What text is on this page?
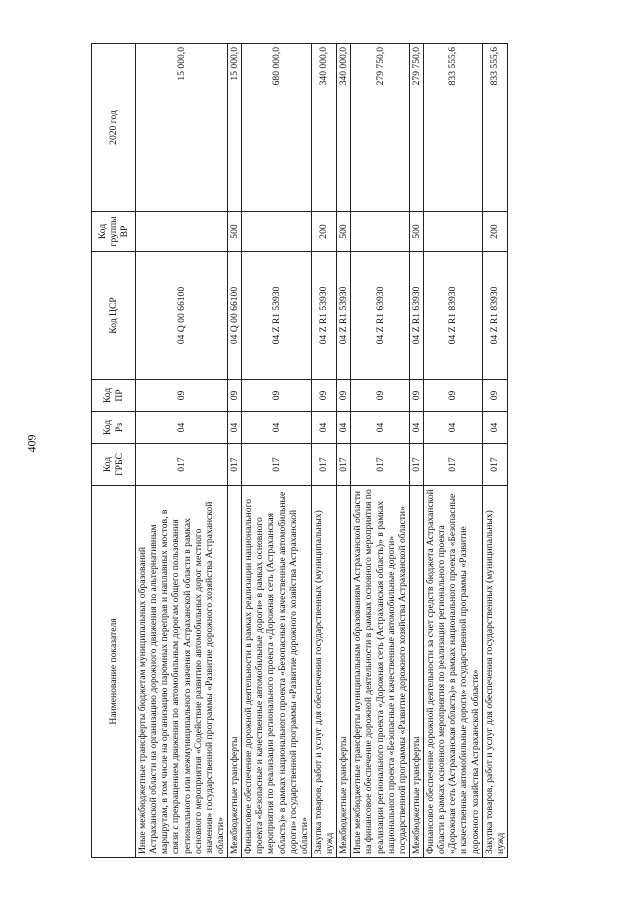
409
Наименование показателя	Код ГРБС	Код Рз	Код ПР	Код ЦСР	Код группы ВР	2020 год
Иные межбюджетные трансферты бюджетам муниципальных образований Астраханской области на организацию дорожного движения по альтернативным маршрутам, в том числе на организацию паромных переправ и наплавных мостов, в связи с прекращением движения по автомобильным дорогам общего пользования регионального или межмуниципального значения Астраханской области в рамках основного мероприятия «Содействие развитию автомобильных дорог местного значения» государственной программы «Развитие дорожного хозяйства Астраханской области»	017	04	09	04 Q 00 66100		15 000,0
Межбюджетные трансферты	017	04	09	04 Q 00 66100	500	15 000,0
Финансовое обеспечение дорожной деятельности в рамках реализации национального проекта «Безопасные и качественные автомобильные дороги» в рамках основного мероприятия по реализации регионального проекта «Дорожная сеть (Астраханская область)» в рамках национального проекта «Безопасные и качественные автомобильные дороги» государственной программы «Развитие дорожного хозяйства Астраханской области»	017	04	09	04 Z R1 53930		680 000,0
Закупка товаров, работ и услуг для обеспечения государственных (муниципальных) нужд	017	04	09	04 Z R1 53930	200	340 000,0
Межбюджетные трансферты	017	04	09	04 Z R1 53930	500	340 000,0
Иные межбюджетные трансферты муниципальным образованиям Астраханской области на финансовое обеспечение дорожной деятельности в рамках основного мероприятия по реализации регионального проекта «Дорожная сеть (Астраханская область)» в рамках национального проекта «Безопасные и качественные автомобильные дороги» государственной программы «Развитие дорожного хозяйства Астраханской области»	017	04	09	04 Z R1 63930		279 750,0
Межбюджетные трансферты	017	04	09	04 Z R1 63930	500	279 750,0
Финансовое обеспечение дорожной деятельности за счет средств бюджета Астраханской области в рамках основного мероприятия по реализации регионального проекта «Дорожная сеть (Астраханская область)» в рамках национального проекта «Безопасные и качественные автомобильные дороги» государственной программы «Развитие дорожного хозяйства Астраханской области»	017	04	09	04 Z R1 83930		833 555,6
Закупка товаров, работ и услуг для обеспечения государственных (муниципальных) нужд	017	04	09	04 Z R1 83930	200	833 555,6
